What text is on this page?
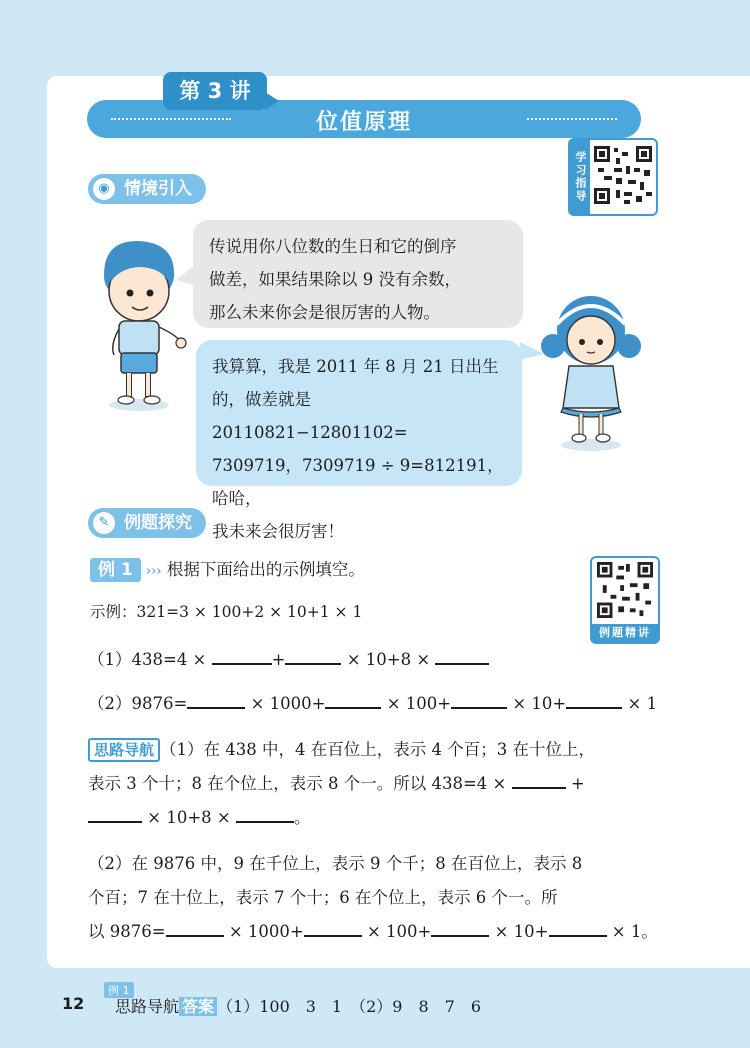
位值原理
第 3 讲
学习指导
◉ 情境引入
传说用你八位数的生日和它的倒序
做差，如果结果除以 9 没有余数，
那么未来你会是很厉害的人物。
我算算，我是 2011 年 8 月 21 日出生
的，做差就是 20110821−12801102=
7309719，7309719 ÷ 9=812191，哈哈，
我未来会很厉害！
✎ 例题探究
例 1 ››› 根据下面给出的示例填空。
例题精讲
示例：321=3 × 100+2 × 10+1 × 1
（1）438=4 ×	+	× 10+8 ×
（2）9876=	× 1000+	× 100+	× 10+	× 1
思路导航 （1）在 438 中，4 在百位上，表示 4 个百；3 在十位上，
表示 3 个十；8 在个位上，表示 8 个一。所以 438=4 ×	+
× 10+8 ×	。
（2）在 9876 中，9 在千位上，表示 9 个千；8 在百位上，表示 8
个百；7 在十位上，表示 7 个十；6 在个位上，表示 6 个一。所
以 9876=	× 1000+	× 100+	× 10+	× 1。
12
例 1
思路导航 答案 （1）100　3　1　（2）9　8　7　6
